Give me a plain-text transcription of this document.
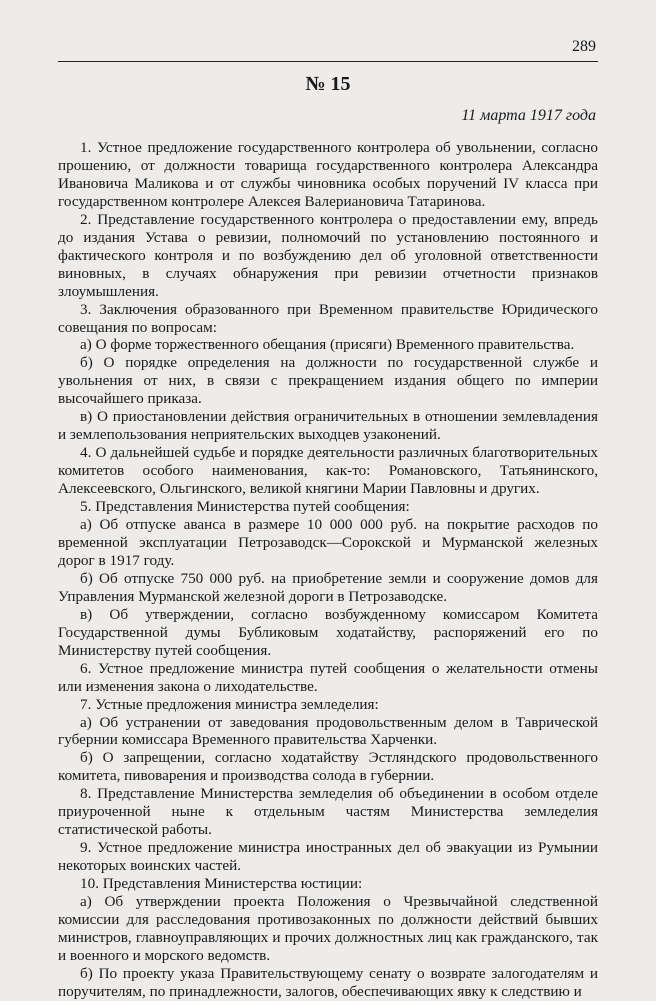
289
№ 15
11 марта 1917 года

1. Устное предложение государственного контролера об увольнении, согласно прошению, от должности товарища государственного контролера Александра Ивановича Маликова и от службы чиновника особых поручений IV класса при государственном контролере Алексея Валериановича Татаринова.

2. Представление государственного контролера о предоставлении ему, впредь до издания Устава о ревизии, полномочий по установлению постоянного и фактического контроля и по возбуждению дел об уголовной ответственности виновных, в случаях обнаружения при ревизии отчетности признаков злоумышления.

3. Заключения образованного при Временном правительстве Юридического совещания по вопросам:

а) О форме торжественного обещания (присяги) Временного правительства.

б) О порядке определения на должности по государственной службе и увольнения от них, в связи с прекращением издания общего по империи высочайшего приказа.

в) О приостановлении действия ограничительных в отношении землевладения и землепользования неприятельских выходцев узаконений.

4. О дальнейшей судьбе и порядке деятельности различных благотворительных комитетов особого наименования, как-то: Романовского, Татьянинского, Алексеевского, Ольгинского, великой княгини Марии Павловны и других.

5. Представления Министерства путей сообщения:

а) Об отпуске аванса в размере 10 000 000 руб. на покрытие расходов по временной эксплуатации Петрозаводск—Сорокской и Мурманской железных дорог в 1917 году.

б) Об отпуске 750 000 руб. на приобретение земли и сооружение домов для Управления Мурманской железной дороги в Петрозаводске.

в) Об утверждении, согласно возбужденному комиссаром Комитета Государственной думы Бубликовым ходатайству, распоряжений его по Министерству путей сообщения.

6. Устное предложение министра путей сообщения о желательности отмены или изменения закона о лиходательстве.

7. Устные предложения министра земледелия:

а) Об устранении от заведования продовольственным делом в Таврической губернии комиссара Временного правительства Харченки.

б) О запрещении, согласно ходатайству Эстляндского продовольственного комитета, пивоварения и производства солода в губернии.

8. Представление Министерства земледелия об объединении в особом отделе приуроченной ныне к отдельным частям Министерства земледелия статистической работы.

9. Устное предложение министра иностранных дел об эвакуации из Румынии некоторых воинских частей.

10. Представления Министерства юстиции:

а) Об утверждении проекта Положения о Чрезвычайной следственной комиссии для расследования противозаконных по должности действий бывших министров, главноуправляющих и прочих должностных лиц как гражданского, так и военного и морского ведомств.

б) По проекту указа Правительствующему сенату о возврате залогодателям и поручителям, по принадлежности, залогов, обеспечивающих явку к следствию и
